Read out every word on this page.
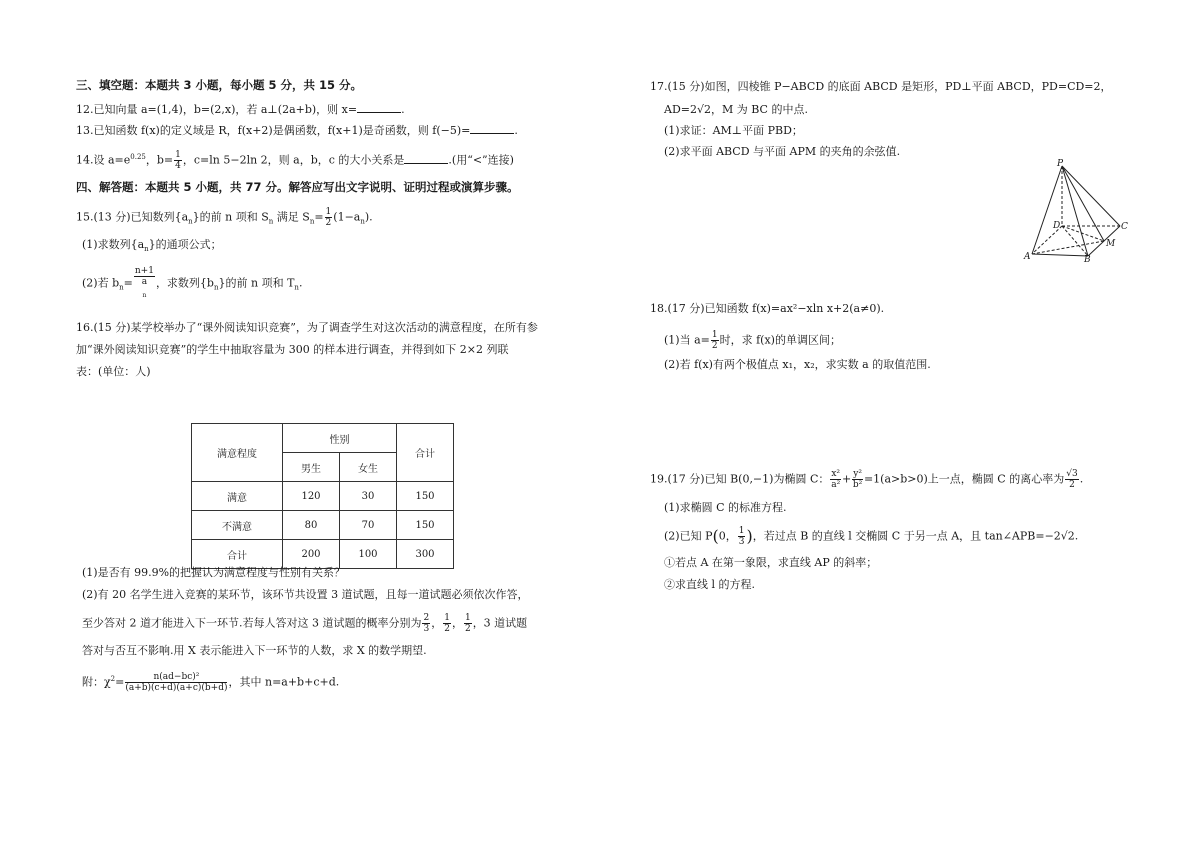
三、填空题：本题共 3 小题，每小题 5 分，共 15 分。
12.已知向量 a=(1,4)，b=(2,x)，若 a⊥(2a+b)，则 x=	.
13.已知函数 f(x)的定义域是 R，f(x+2)是偶函数，f(x+1)是奇函数，则 f(−5)=	.
14.设 $a=e^{0.25}$，$b= \frac{1}{4}$ ，c=ln 5−2ln 2，则 a，b，c 的大小关系是	.(用“<”连接)
四、解答题：本题共 5 小题，共 77 分。解答应写出文字说明、证明过程或演算步骤。
15.(13 分)已知数列$\{a_n\}$的前 n 项和 $S_n$ 满足 $S_n= \frac{1}{2} (1-a_n)$.
(1)求数列$\{a_n\}$的通项公式；
(2)若 $b_n= n+1$
a
$_n$ ，求数列$\{b_n\}$的前 n 项和 $T_n$.
16.(15 分)某学校举办了“课外阅读知识竞赛”，为了调查学生对这次活动的满意程度，在所有参
加“课外阅读知识竞赛”的学生中抽取容量为 300 的样本进行调查，并得到如下 2×2 列联
表：(单位：人)
满意程度	性别		合计
	男生	女生	
满意	120	30	150
不满意	80	70	150
合计	200	100	300
(1)是否有 99.9%的把握认为满意程度与性别有关系？
(2)有 20 名学生进入竞赛的某环节，该环节共设置 3 道试题，且每一道试题必须依次作答，
至少答对 2 道才能进入下一环节.若每人答对这 3 道试题的概率分别为 $\frac{2}{3}$ ， $\frac{1}{2}$ ， $\frac{1}{2}$ ，3 道试题
答对与否互不影响.用 X 表示能进入下一环节的人数，求 X 的数学期望.
附：$\chi^2= \frac{\text{n(ad−bc)²}}{(a+b)(c+d)(a+c)(b+d)}$ ，其中 n=a+b+c+d.
17.(15 分)如图，四棱锥 P−ABCD 的底面 ABCD 是矩形，PD⊥平面 ABCD，PD=CD=2，
AD=2√2，M 为 BC 的中点.
(1)求证：AM⊥平面 PBD；
(2)求平面 ABCD 与平面 APM 的夹角的余弦值.
P
A	B
C
D
M
18.(17 分)已知函数 f(x)=ax²−xln x+2(a≠0).
(1)当 $a= \frac{1}{2}$ 时，求 f(x)的单调区间；
(2)若 f(x)有两个极值点 x₁，x₂，求实数 a 的取值范围.
19.(17 分)已知 B(0,−1)为椭圆 C： $\frac{\text{x²}}{\text{a²}} + \frac{\text{y²}}{\text{b²}} =1(a>b>0)$上一点，椭圆 C 的离心率为 $\frac{√3}{2}$ .
(1)求椭圆 C 的标准方程.
(2)已知 P(0， $\frac{1}{3}$ )，若过点 B 的直线 l 交椭圆 C 于另一点 A，且 tan∠APB=−2√2.
①若点 A 在第一象限，求直线 AP 的斜率；
②求直线 l 的方程.
